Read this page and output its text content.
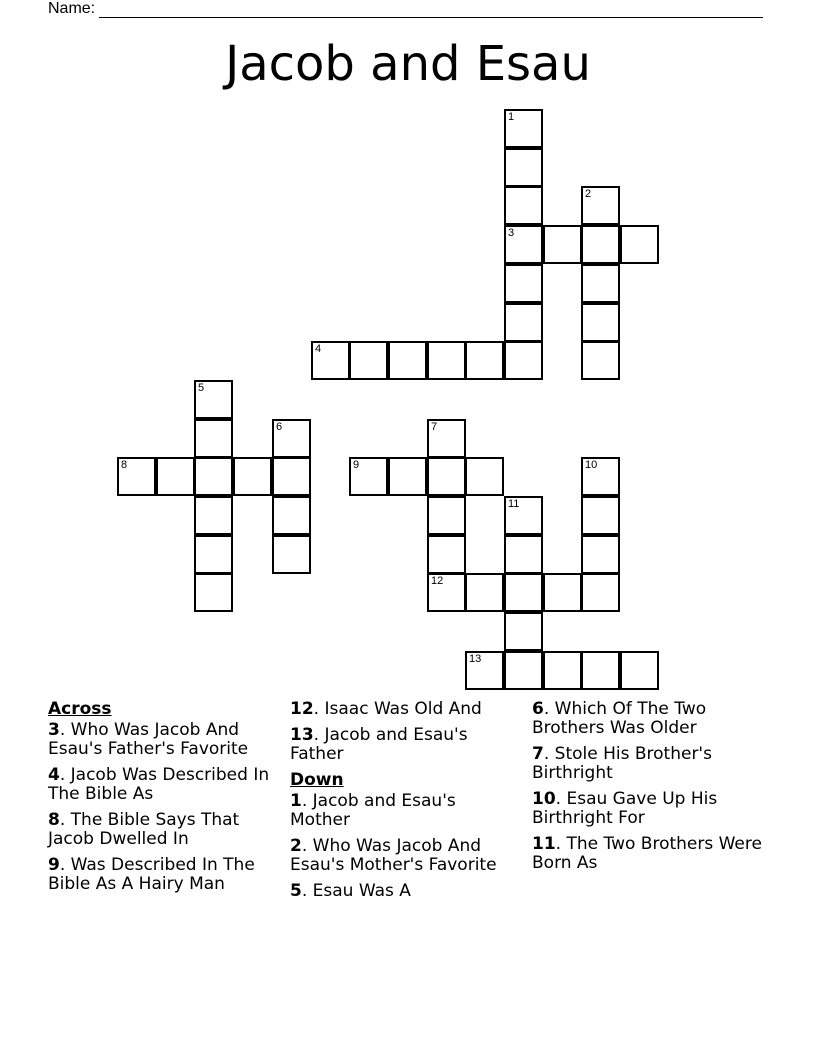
Name:
Jacob and Esau
1
3
2
4
5
6
8
7
12
9	10
11
13
Across
3. Who Was Jacob And Esau's Father's Favorite
4. Jacob Was Described In The Bible As
8. The Bible Says That Jacob Dwelled In
9. Was Described In The Bible As A Hairy Man
12. Isaac Was Old And
13. Jacob and Esau's Father
Down
1. Jacob and Esau's Mother
2. Who Was Jacob And Esau's Mother's Favorite
5. Esau Was A
6. Which Of The Two Brothers Was Older
7. Stole His Brother's Birthright
10. Esau Gave Up His Birthright For
11. The Two Brothers Were Born As
